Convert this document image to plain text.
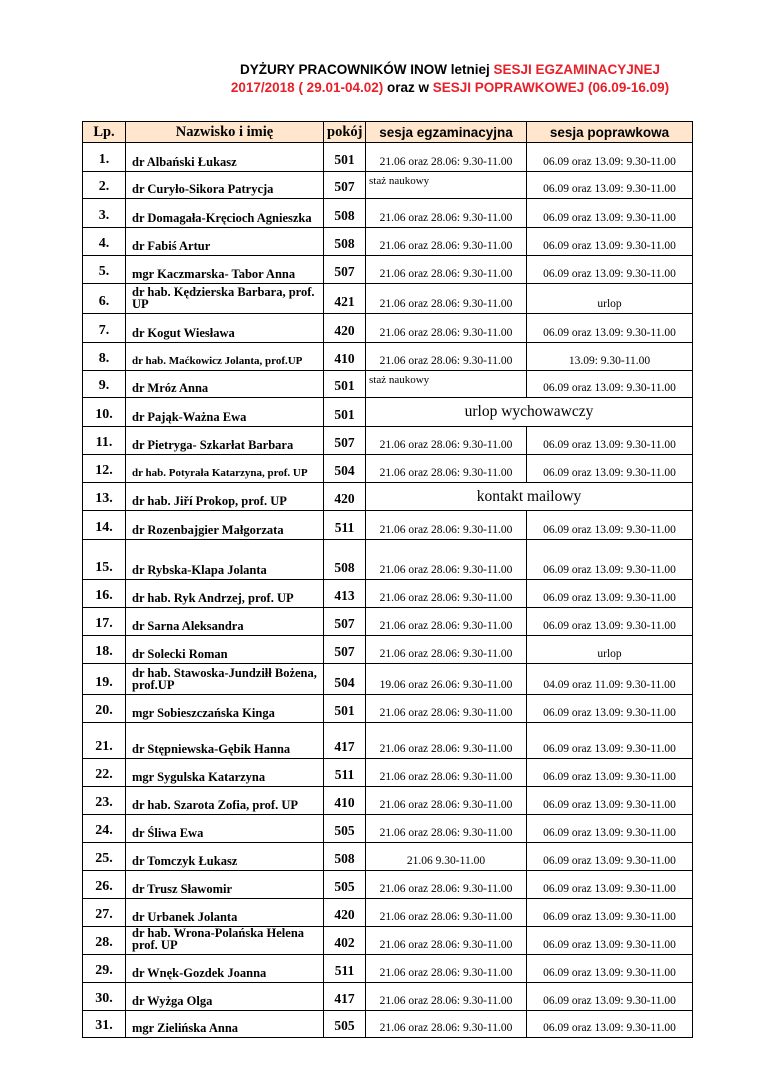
DYŻURY PRACOWNIKÓW INOW letniej SESJI EGZAMINACYJNEJ
2017/2018 ( 29.01-04.02) oraz w SESJI POPRAWKOWEJ (06.09-16.09)
Lp.	Nazwisko i imię	pokój	sesja egzaminacyjna	sesja poprawkowa
1.	dr Albański Łukasz	501	21.06 oraz 28.06: 9.30-11.00	06.09 oraz 13.09: 9.30-11.00
2.	dr Curyło-Sikora Patrycja	507	staż naukowy	06.09 oraz 13.09: 9.30-11.00
3.	dr Domagała-Kręcioch Agnieszka	508	21.06 oraz 28.06: 9.30-11.00	06.09 oraz 13.09: 9.30-11.00
4.	dr Fabiś Artur	508	21.06 oraz 28.06: 9.30-11.00	06.09 oraz 13.09: 9.30-11.00
5.	mgr Kaczmarska- Tabor Anna	507	21.06 oraz 28.06: 9.30-11.00	06.09 oraz 13.09: 9.30-11.00
6.	dr hab. Kędzierska Barbara, prof. UP	421	21.06 oraz 28.06: 9.30-11.00	urlop
7.	dr Kogut Wiesława	420	21.06 oraz 28.06: 9.30-11.00	06.09 oraz 13.09: 9.30-11.00
8.	dr hab. Maćkowicz Jolanta, prof.UP	410	21.06 oraz 28.06: 9.30-11.00	13.09: 9.30-11.00
9.	dr Mróz Anna	501	staż naukowy	06.09 oraz 13.09: 9.30-11.00
10.	dr Pająk-Ważna Ewa	501	urlop wychowawczy	
11.	dr Pietryga- Szkarłat Barbara	507	21.06 oraz 28.06: 9.30-11.00	06.09 oraz 13.09: 9.30-11.00
12.	dr hab. Potyrała Katarzyna, prof. UP	504	21.06 oraz 28.06: 9.30-11.00	06.09 oraz 13.09: 9.30-11.00
13.	dr hab. Jiří Prokop, prof. UP	420	kontakt mailowy	
14.	dr Rozenbajgier Małgorzata	511	21.06 oraz 28.06: 9.30-11.00	06.09 oraz 13.09: 9.30-11.00
15.	dr Rybska-Klapa Jolanta	508	21.06 oraz 28.06: 9.30-11.00	06.09 oraz 13.09: 9.30-11.00
16.	dr hab. Ryk Andrzej, prof. UP	413	21.06 oraz 28.06: 9.30-11.00	06.09 oraz 13.09: 9.30-11.00
17.	dr Sarna Aleksandra	507	21.06 oraz 28.06: 9.30-11.00	06.09 oraz 13.09: 9.30-11.00
18.	dr Solecki Roman	507	21.06 oraz 28.06: 9.30-11.00	urlop
19.	dr hab. Stawoska-Jundziłł Bożena, prof.UP	504	19.06 oraz 26.06: 9.30-11.00	04.09 oraz 11.09: 9.30-11.00
20.	mgr Sobieszczańska Kinga	501	21.06 oraz 28.06: 9.30-11.00	06.09 oraz 13.09: 9.30-11.00
21.	dr Stępniewska-Gębik Hanna	417	21.06 oraz 28.06: 9.30-11.00	06.09 oraz 13.09: 9.30-11.00
22.	mgr Sygulska Katarzyna	511	21.06 oraz 28.06: 9.30-11.00	06.09 oraz 13.09: 9.30-11.00
23.	dr hab. Szarota Zofia, prof. UP	410	21.06 oraz 28.06: 9.30-11.00	06.09 oraz 13.09: 9.30-11.00
24.	dr Śliwa Ewa	505	21.06 oraz 28.06: 9.30-11.00	06.09 oraz 13.09: 9.30-11.00
25.	dr Tomczyk Łukasz	508	21.06 9.30-11.00	06.09 oraz 13.09: 9.30-11.00
26.	dr Trusz Sławomir	505	21.06 oraz 28.06: 9.30-11.00	06.09 oraz 13.09: 9.30-11.00
27.	dr Urbanek Jolanta	420	21.06 oraz 28.06: 9.30-11.00	06.09 oraz 13.09: 9.30-11.00
28.	dr hab. Wrona-Polańska Helena prof. UP	402	21.06 oraz 28.06: 9.30-11.00	06.09 oraz 13.09: 9.30-11.00
29.	dr Wnęk-Gozdek Joanna	511	21.06 oraz 28.06: 9.30-11.00	06.09 oraz 13.09: 9.30-11.00
30.	dr Wyżga Olga	417	21.06 oraz 28.06: 9.30-11.00	06.09 oraz 13.09: 9.30-11.00
31.	mgr Zielińska Anna	505	21.06 oraz 28.06: 9.30-11.00	06.09 oraz 13.09: 9.30-11.00
